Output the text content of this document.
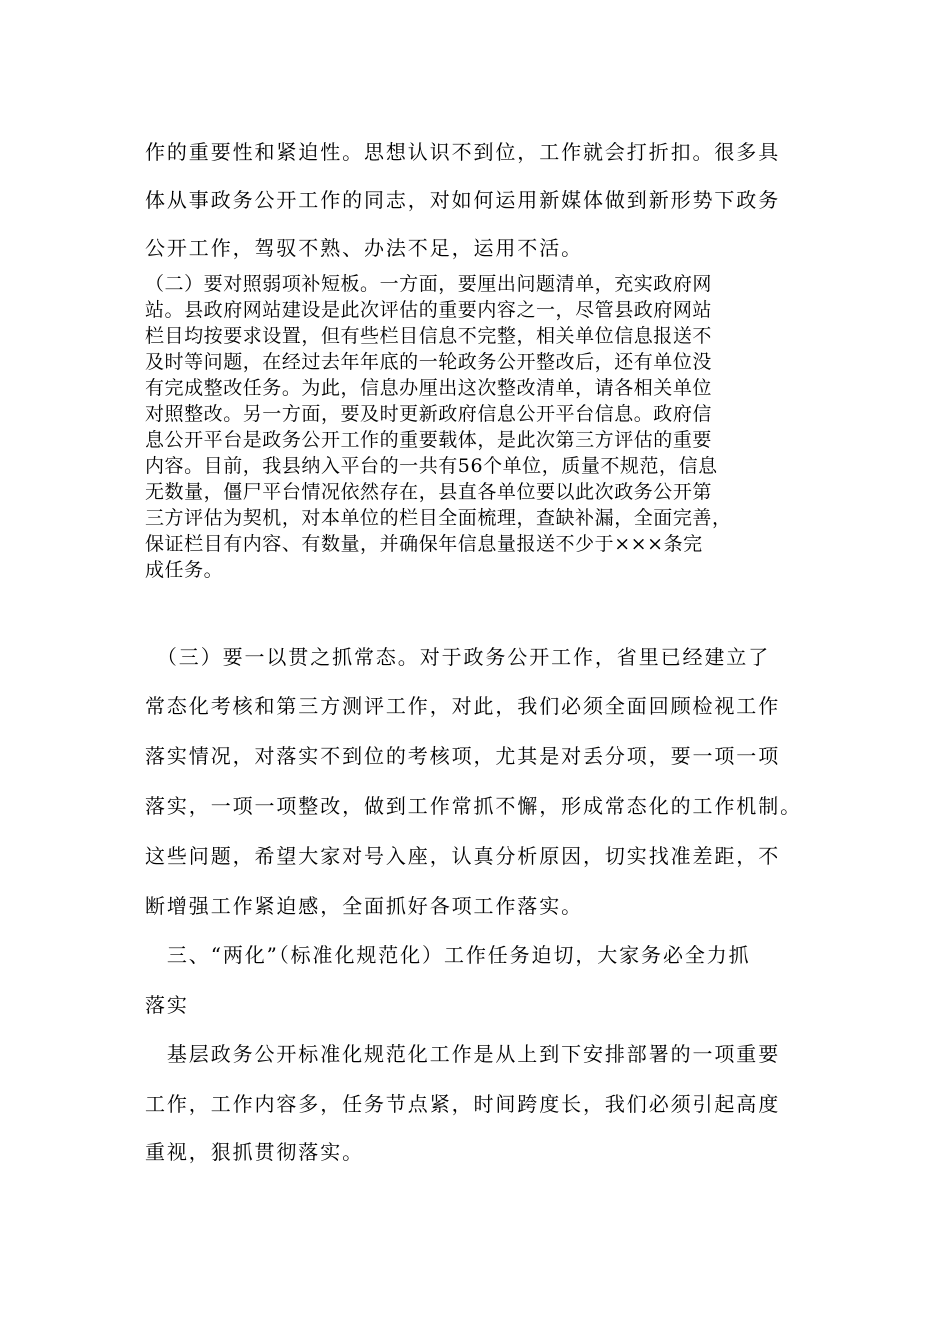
作的重要性和紧迫性。思想认识不到位，工作就会打折扣。很多具
体从事政务公开工作的同志，对如何运用新媒体做到新形势下政务
公开工作，驾驭不熟、办法不足，运用不活。
（二）要对照弱项补短板。一方面，要厘出问题清单，充实政府网
站。县政府网站建设是此次评估的重要内容之一，尽管县政府网站
栏目均按要求设置，但有些栏目信息不完整，相关单位信息报送不
及时等问题，在经过去年年底的一轮政务公开整改后，还有单位没
有完成整改任务。为此，信息办厘出这次整改清单，请各相关单位
对照整改。另一方面，要及时更新政府信息公开平台信息。政府信
息公开平台是政务公开工作的重要载体，是此次第三方评估的重要
内容。目前，我县纳入平台的一共有56个单位，质量不规范，信息
无数量，僵尸平台情况依然存在，县直各单位要以此次政务公开第
三方评估为契机，对本单位的栏目全面梳理，查缺补漏，全面完善，
保证栏目有内容、有数量，并确保年信息量报送不少于×××条完
成任务。
　（三）要一以贯之抓常态。对于政务公开工作，省里已经建立了
常态化考核和第三方测评工作，对此，我们必须全面回顾检视工作
落实情况，对落实不到位的考核项，尤其是对丢分项，要一项一项
落实，一项一项整改，做到工作常抓不懈，形成常态化的工作机制。
这些问题，希望大家对号入座，认真分析原因，切实找准差距，不
断增强工作紧迫感，全面抓好各项工作落实。
　三、“两化”（标准化规范化）工作任务迫切，大家务必全力抓
落实
　基层政务公开标准化规范化工作是从上到下安排部署的一项重要
工作，工作内容多，任务节点紧，时间跨度长，我们必须引起高度
重视，狠抓贯彻落实。
